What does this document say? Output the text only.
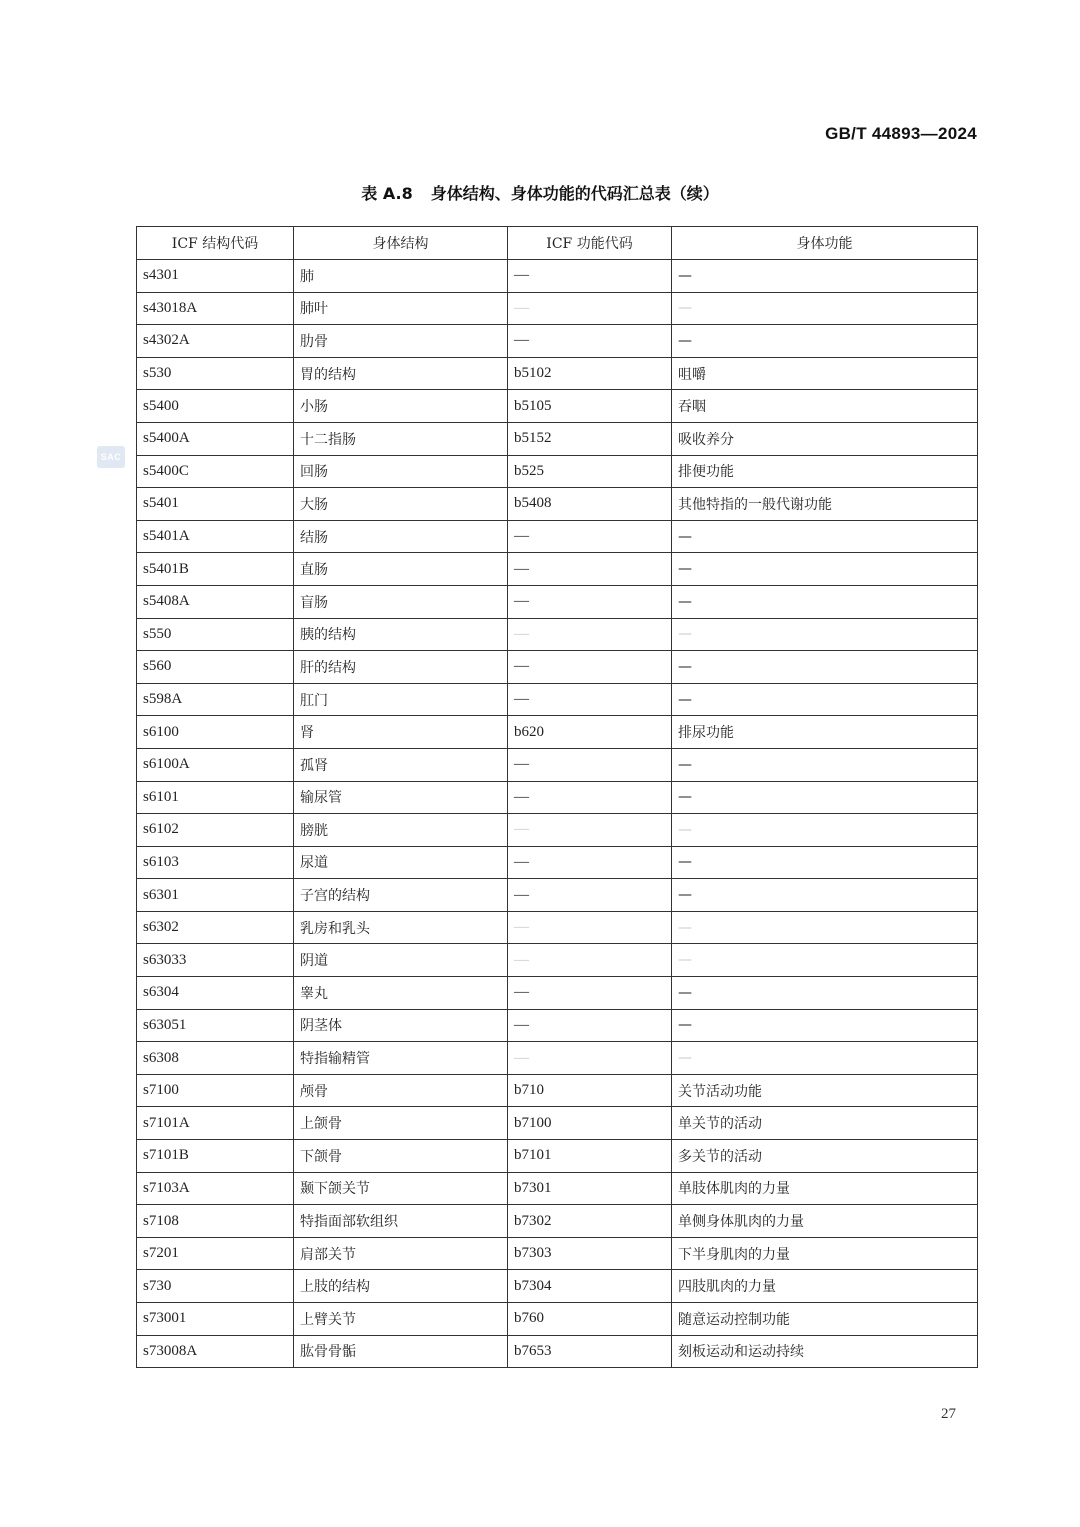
GB/T 44893—2024
表 A.8 身体结构、身体功能的代码汇总表（续）
SAC
ICF 结构代码	身体结构	ICF 功能代码	身体功能
s4301	肺	—	—
s43018A	肺叶	—	—
s4302A	肋骨	—	—
s530	胃的结构	b5102	咀嚼
s5400	小肠	b5105	吞咽
s5400A	十二指肠	b5152	吸收养分
s5400C	回肠	b525	排便功能
s5401	大肠	b5408	其他特指的一般代谢功能
s5401A	结肠	—	—
s5401B	直肠	—	—
s5408A	盲肠	—	—
s550	胰的结构	—	—
s560	肝的结构	—	—
s598A	肛门	—	—
s6100	肾	b620	排尿功能
s6100A	孤肾	—	—
s6101	输尿管	—	—
s6102	膀胱	—	—
s6103	尿道	—	—
s6301	子宫的结构	—	—
s6302	乳房和乳头	—	—
s63033	阴道	—	—
s6304	睾丸	—	—
s63051	阴茎体	—	—
s6308	特指输精管	—	—
s7100	颅骨	b710	关节活动功能
s7101A	上颌骨	b7100	单关节的活动
s7101B	下颌骨	b7101	多关节的活动
s7103A	颞下颌关节	b7301	单肢体肌肉的力量
s7108	特指面部软组织	b7302	单侧身体肌肉的力量
s7201	肩部关节	b7303	下半身肌肉的力量
s730	上肢的结构	b7304	四肢肌肉的力量
s73001	上臂关节	b760	随意运动控制功能
s73008A	肱骨骨骺	b7653	刻板运动和运动持续
27
